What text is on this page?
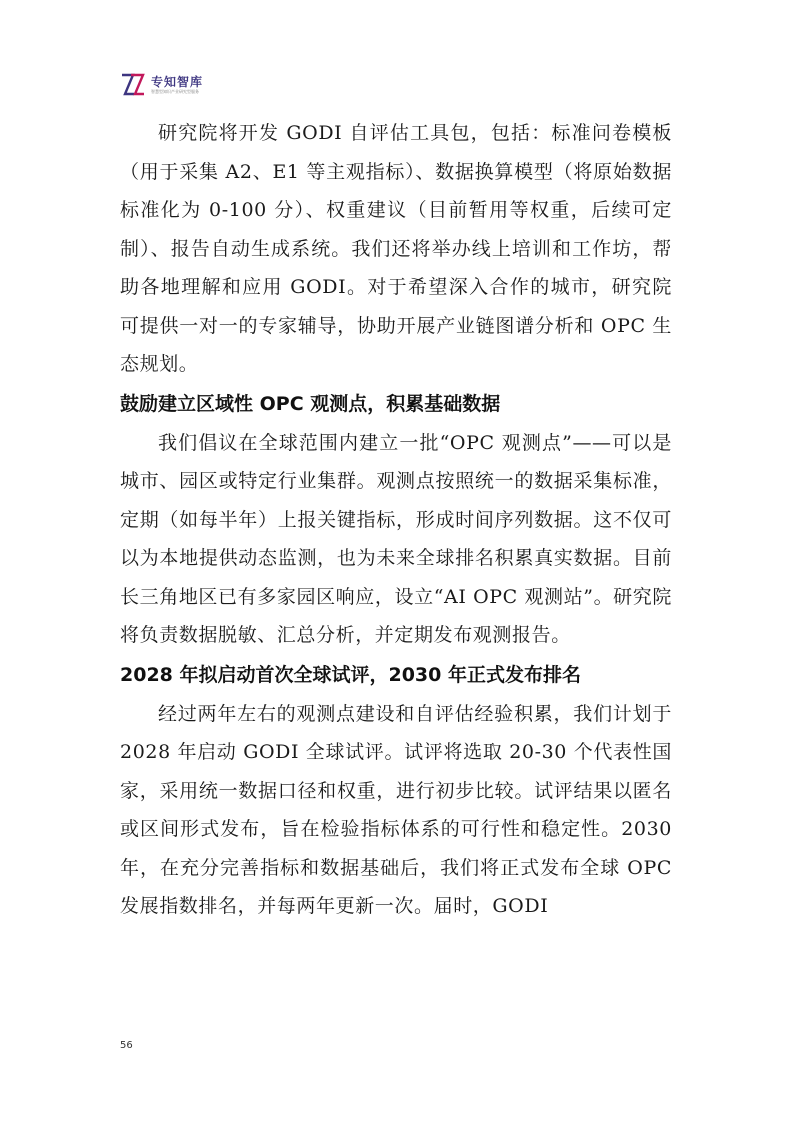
专知智库
智慧型知识产业研究型服务

研究院将开发 GODI 自评估工具包，包括：标准问卷模板（用于采集 A2、E1 等主观指标）、数据换算模型（将原始数据标准化为 0-100 分）、权重建议（目前暂用等权重，后续可定制）、报告自动生成系统。我们还将举办线上培训和工作坊，帮助各地理解和应用 GODI。对于希望深入合作的城市，研究院可提供一对一的专家辅导，协助开展产业链图谱分析和 OPC 生态规划。

鼓励建立区域性 OPC 观测点，积累基础数据

我们倡议在全球范围内建立一批“OPC 观测点”——可以是城市、园区或特定行业集群。观测点按照统一的数据采集标准，定期（如每半年）上报关键指标，形成时间序列数据。这不仅可以为本地提供动态监测，也为未来全球排名积累真实数据。目前长三角地区已有多家园区响应，设立“AI OPC 观测站”。研究院将负责数据脱敏、汇总分析，并定期发布观测报告。

2028 年拟启动首次全球试评，2030 年正式发布排名

经过两年左右的观测点建设和自评估经验积累，我们计划于 2028 年启动 GODI 全球试评。试评将选取 20-30 个代表性国家，采用统一数据口径和权重，进行初步比较。试评结果以匿名或区间形式发布，旨在检验指标体系的可行性和稳定性。2030 年，在充分完善指标和数据基础后，我们将正式发布全球 OPC 发展指数排名，并每两年更新一次。届时，GODI

56
